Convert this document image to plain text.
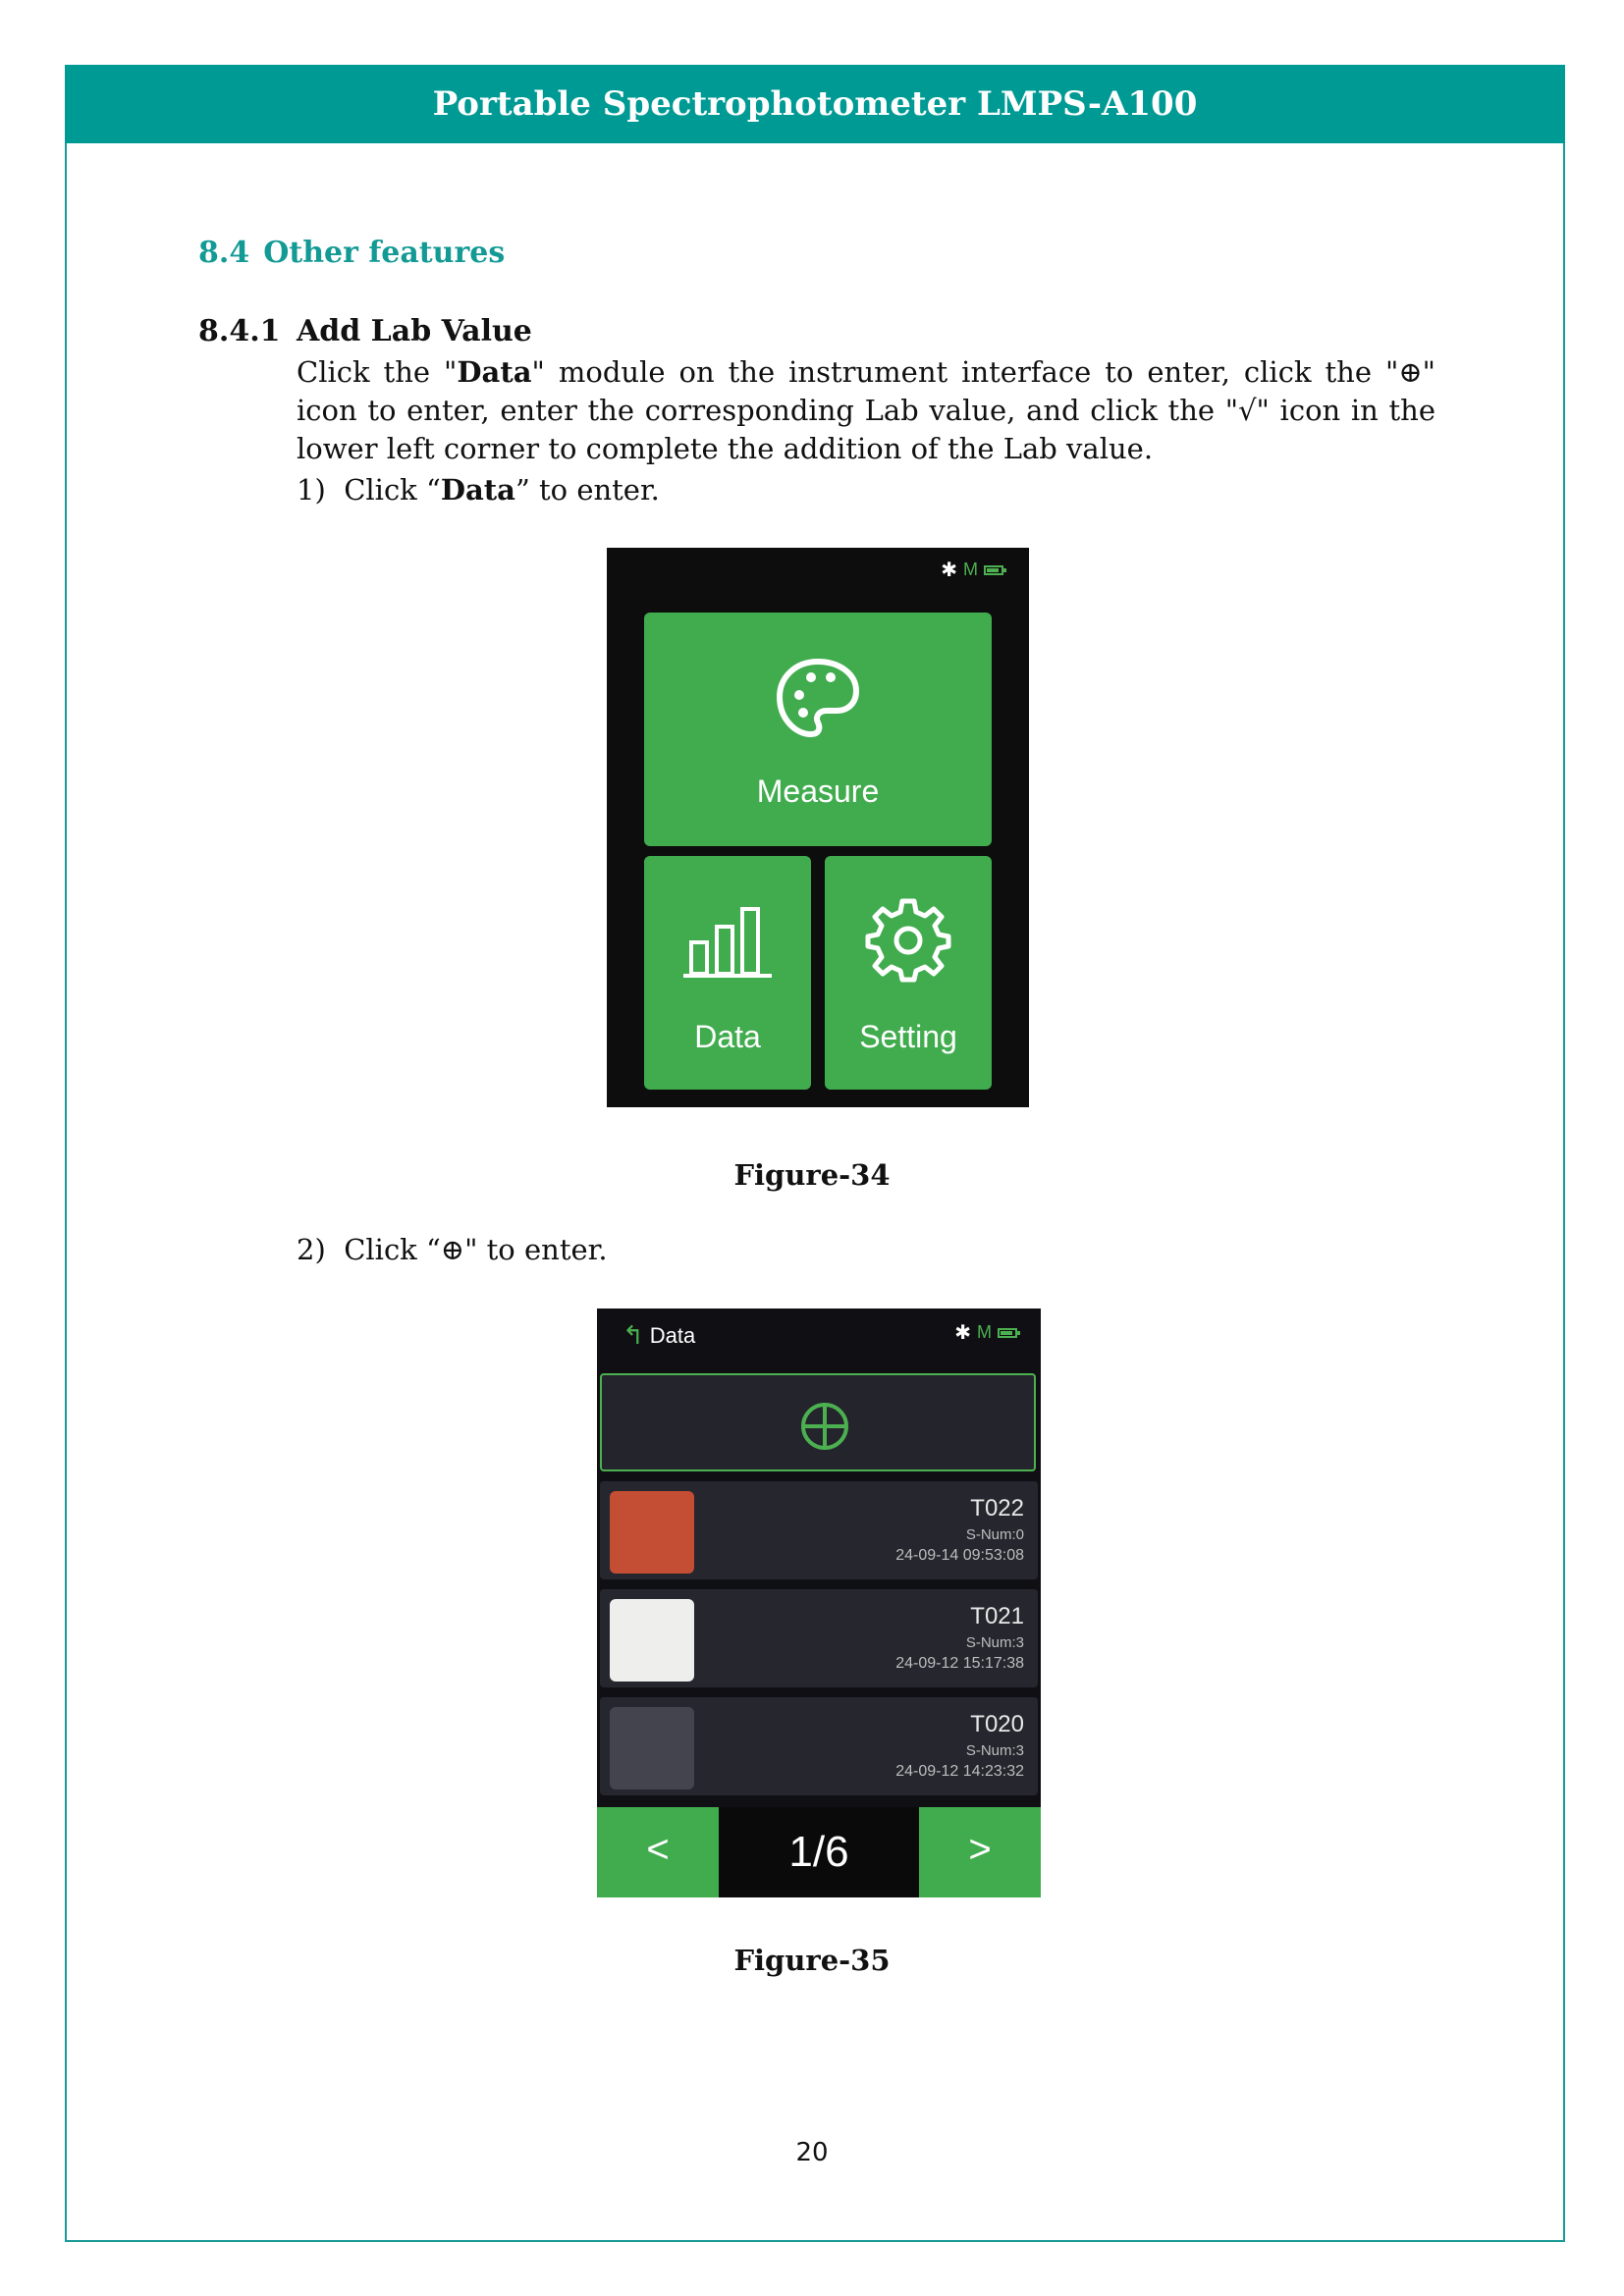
Portable Spectrophotometer LMPS-A100
8.4 Other features
8.4.1 Add Lab Value
Click the "Data" module on the instrument interface to enter, click the "⊕" icon to enter, enter the corresponding Lab value, and click the "√" icon in the lower left corner to complete the addition of the Lab value.
1) Click “Data” to enter.
✱ M
Measure
Data	Setting
Figure-34
2) Click “⊕" to enter.
↰ Data	✱ M
T022
S-Num:0
24-09-14 09:53:08
T021
S-Num:3
24-09-12 15:17:38
T020
S-Num:3
24-09-12 14:23:32
<	1/6	>
Figure-35
20
